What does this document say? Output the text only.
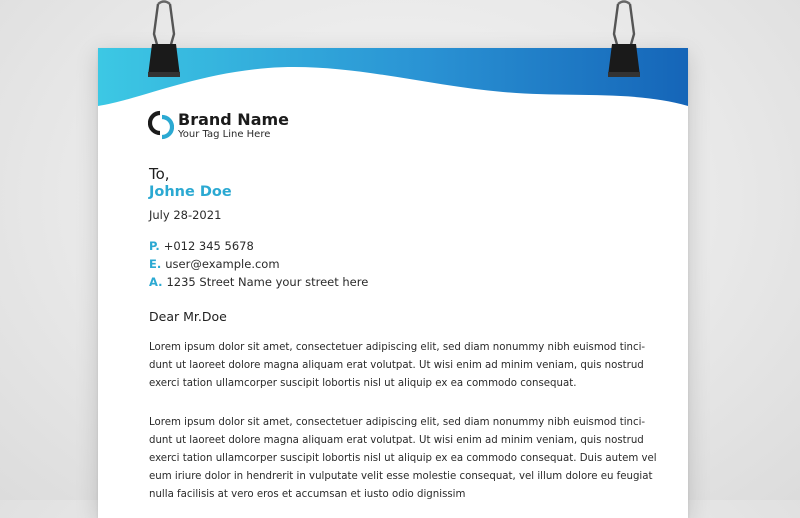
Brand Name
Your Tag Line Here
To,
Johne Doe
July 28-2021
P. +012 345 5678
E. user@example.com
A. 1235 Street Name your street here
Dear Mr.Doe
Lorem ipsum dolor sit amet, consectetuer adipiscing elit, sed diam nonummy nibh euismod tinci-
dunt ut laoreet dolore magna aliquam erat volutpat. Ut wisi enim ad minim veniam, quis nostrud
exerci tation ullamcorper suscipit lobortis nisl ut aliquip ex ea commodo consequat.
Lorem ipsum dolor sit amet, consectetuer adipiscing elit, sed diam nonummy nibh euismod tinci-
dunt ut laoreet dolore magna aliquam erat volutpat. Ut wisi enim ad minim veniam, quis nostrud
exerci tation ullamcorper suscipit lobortis nisl ut aliquip ex ea commodo consequat. Duis autem vel
eum iriure dolor in hendrerit in vulputate velit esse molestie consequat, vel illum dolore eu feugiat
nulla facilisis at vero eros et accumsan et iusto odio dignissim
